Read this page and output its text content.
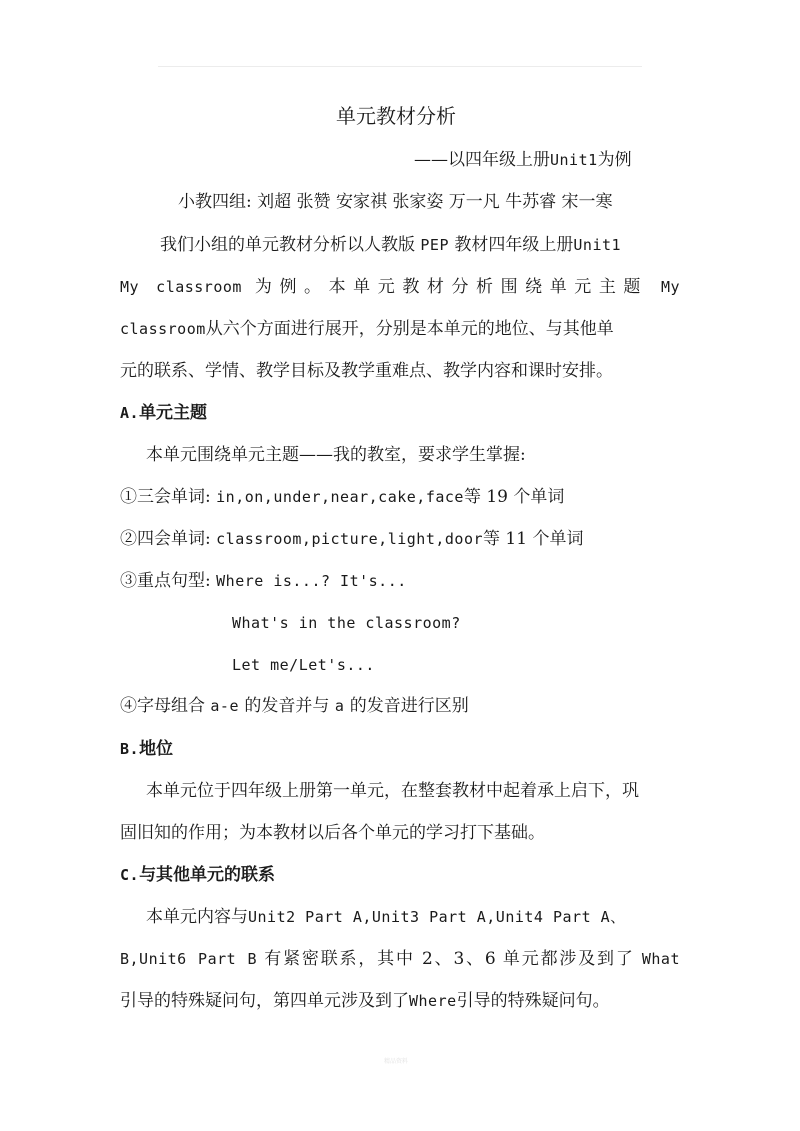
单元教材分析
——以四年级上册Unit1为例
小教四组: 刘超 张赞 安家祺 张家姿 万一凡 牛苏睿 宋一寒
我们小组的单元教材分析以人教版 PEP 教材四年级上册Unit1
My classroom 为例。本单元教材分析围绕单元主题 My
classroom从六个方面进行展开，分别是本单元的地位、与其他单
元的联系、学情、教学目标及教学重难点、教学内容和课时安排。
A.单元主题
本单元围绕单元主题——我的教室，要求学生掌握:
①三会单词: in,on,under,near,cake,face等 19 个单词
②四会单词: classroom,picture,light,door等 11 个单词
③重点句型: Where is...? It's...
What's in the classroom?
Let me/Let's...
④字母组合 a-e 的发音并与 a 的发音进行区别
B.地位
本单元位于四年级上册第一单元，在整套教材中起着承上启下，巩
固旧知的作用；为本教材以后各个单元的学习打下基础。
C.与其他单元的联系
本单元内容与Unit2 Part A,Unit3 Part A,Unit4 Part A、
B,Unit6 Part B 有紧密联系，其中 2、3、6 单元都涉及到了 What
引导的特殊疑问句，第四单元涉及到了Where引导的特殊疑问句。
精品资料
